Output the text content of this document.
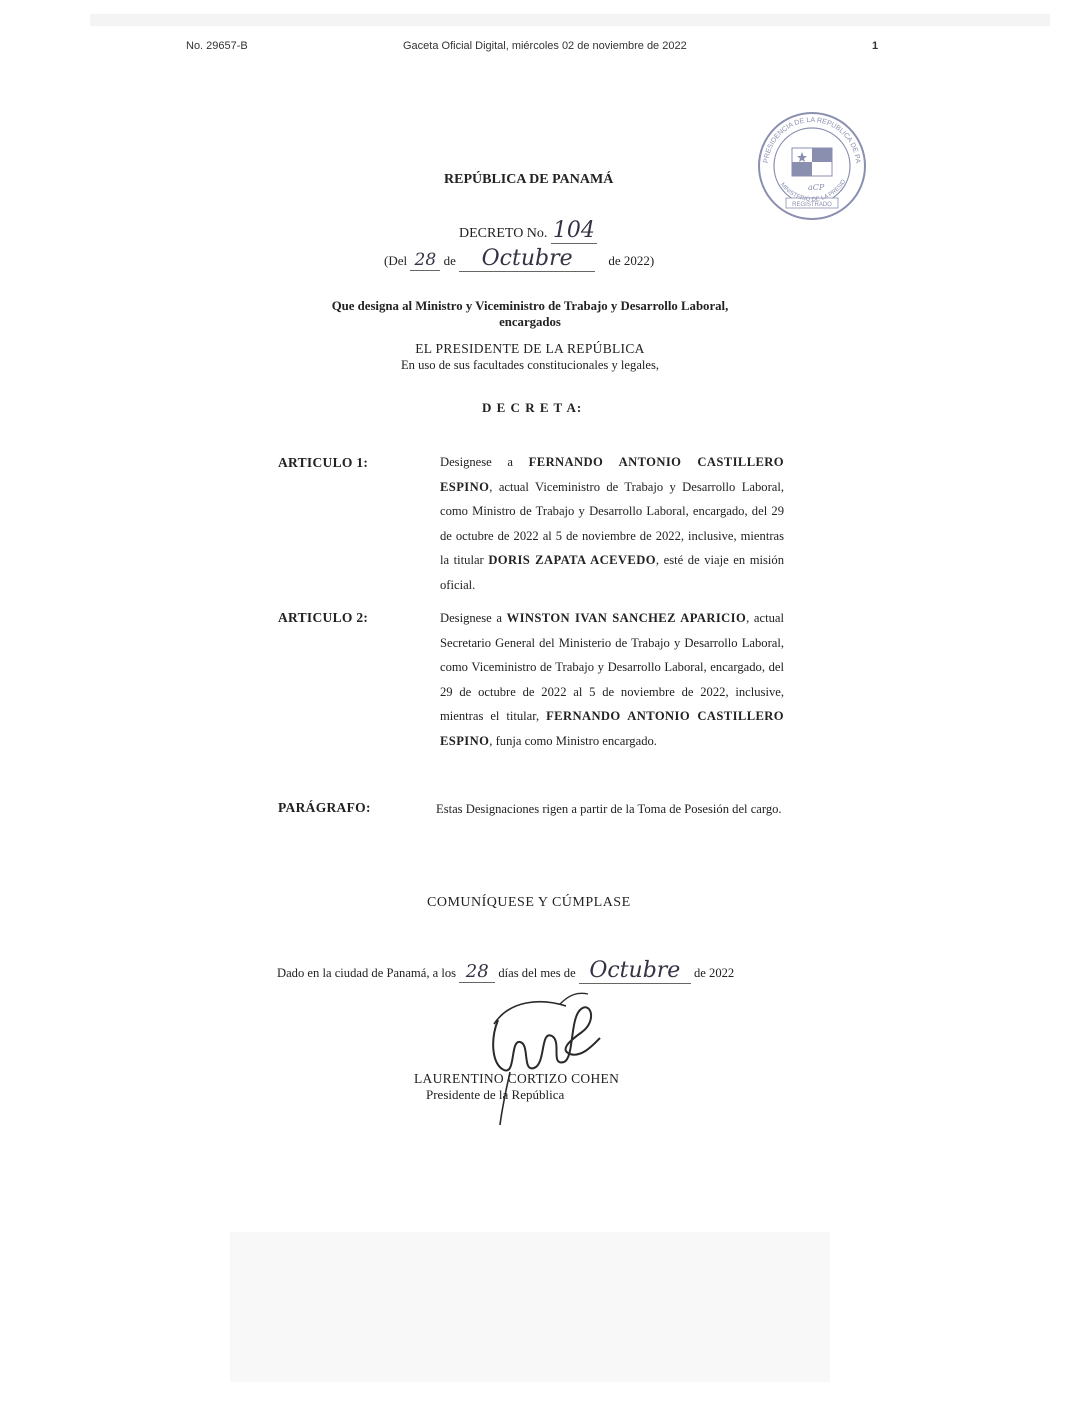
No. 29657-B	Gaceta Oficial Digital, miércoles 02 de noviembre de 2022	1
aCP
REGISTRADO
PRESIDENCIA DE LA REPUBLICA DE PA
MINISTERIO DE LA PRESID
REPÚBLICA DE PANAMÁ
DECRETO No. 104
(Del 28 de Octubre	de 2022)
Que designa al Ministro y Viceministro de Trabajo y Desarrollo Laboral,
encargados
EL PRESIDENTE DE LA REPÚBLICA
En uso de sus facultades constitucionales y legales,
D E C R E T A:
ARTICULO 1:	Designese a FERNANDO ANTONIO CASTILLERO ESPINO, actual Viceministro de Trabajo y Desarrollo Laboral, como Ministro de Trabajo y Desarrollo Laboral, encargado, del 29 de octubre de 2022 al 5 de noviembre de 2022, inclusive, mientras la titular DORIS ZAPATA ACEVEDO, esté de viaje en misión oficial.
ARTICULO 2:	Designese a WINSTON IVAN SANCHEZ APARICIO, actual Secretario General del Ministerio de Trabajo y Desarrollo Laboral, como Viceministro de Trabajo y Desarrollo Laboral, encargado, del 29 de octubre de 2022 al 5 de noviembre de 2022, inclusive, mientras el titular, FERNANDO ANTONIO CASTILLERO ESPINO, funja como Ministro encargado.
PARÁGRAFO:	Estas Designaciones rigen a partir de la Toma de Posesión del cargo.
COMUNÍQUESE Y CÚMPLASE
Dado en la ciudad de Panamá, a los 28 días del mes de Octubre de 2022
LAURENTINO CORTIZO COHEN
Presidente de la República
